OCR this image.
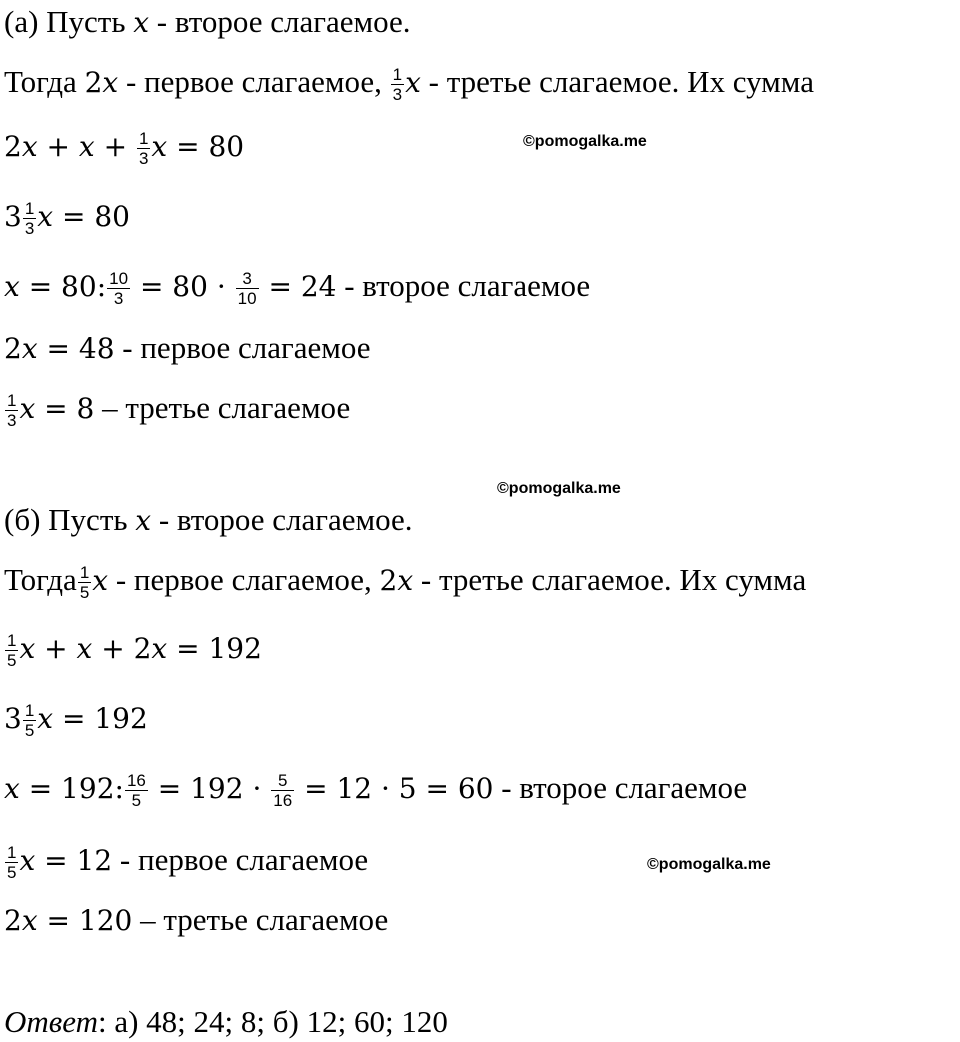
(а) Пусть x - второе слагаемое.
Тогда 2x - первое слагаемое, $\frac{1}{3}$ x - третье слагаемое. Их сумма
$2x + x + \frac{1}{3}$ x = 80
$3 \frac{1}{3}$ x = 80
x = 80: $\frac{10}{3} = 80 \cdot \frac{3}{10} = 24$ - второе слагаемое
2x = 48 - первое слагаемое
$\frac{1}{3}$ x = 8 – третье слагаемое
(б) Пусть x - второе слагаемое.
Тогда $\frac{1}{5}$ x - первое слагаемое, 2x - третье слагаемое. Их сумма
$\frac{1}{5}$ x + x + 2x = 192
$3 \frac{1}{5}$ x = 192
x = 192: $\frac{16}{5} = 192 \cdot \frac{5}{16} = 12 \cdot 5 = 60$ - второе слагаемое
$\frac{1}{5}$ x = 12 - первое слагаемое
2x = 120 – третье слагаемое
Ответ: а) 48; 24; 8; б) 12; 60; 120
©pomogalka.me
©pomogalka.me
©pomogalka.me
